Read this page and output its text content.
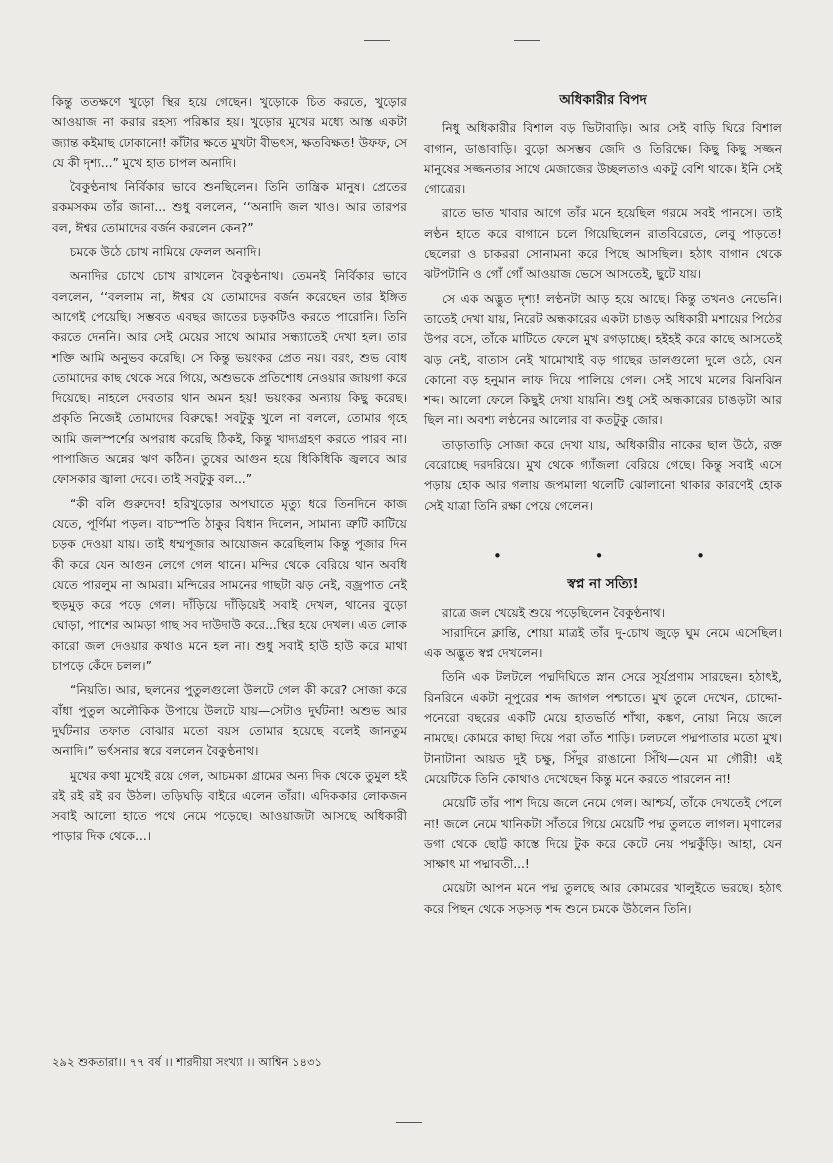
কিন্তু ততক্ষণে খুড়ো স্থির হয়ে গেছেন। খুড়োকে চিত করতে, খুড়োর আওয়াজ না করার রহস্য পরিষ্কার হয়। খুড়োর মুখের মধ্যে আস্ত একটা জ্যান্ত কইমাছ ঢোকানো! কাঁটার ক্ষতে মুখটা বীভৎস, ক্ষতবিক্ষত! উফফ, সে যে কী দৃশ্য...” মুখে হাত চাপল অনাদি।

বৈকুণ্ঠনাথ নির্বিকার ভাবে শুনছিলেন। তিনি তান্ত্রিক মানুষ। প্রেতের রকমসকম তাঁর জানা... শুধু বললেন, ‘‘অনাদি জল খাও। আর তারপর বল, ঈশ্বর তোমাদের বর্জন করলেন কেন?”

চমকে উঠে চোখ নামিয়ে ফেলল অনাদি।

অনাদির চোখে চোখ রাখলেন বৈকুণ্ঠনাথ। তেমনই নির্বিকার ভাবে বললেন, ‘‘বললাম না, ঈশ্বর যে তোমাদের বর্জন করেছেন তার ইঙ্গিত আগেই পেয়েছি। সম্ভবত এবছর জাতের চড়কটিও করতে পারোনি। তিনি করতে দেননি। আর সেই মেয়ের সাথে আমার সন্ধ্যাতেই দেখা হল। তার শক্তি আমি অনুভব করেছি। সে কিন্তু ভয়ংকর প্রেত নয়। বরং, শুভ বোধ তোমাদের কাছ থেকে সরে গিয়ে, অশুভকে প্রতিশোধ নেওয়ার জায়গা করে দিয়েছে। নাহলে দেবতার থান অমন হয়! ভয়ংকর অন্যায় কিছু করেছ। প্রকৃতি নিজেই তোমাদের বিরুদ্ধে! সবটুকু খুলে না বললে, তোমার গৃহে আমি জলস্পর্শের অপরাধ করেছি ঠিকই, কিন্তু খাদ্যগ্রহণ করতে পারব না। পাপাজিত অন্নের ঋণ কঠিন। তুষের আগুন হয়ে ধিকিধিকি জ্বলবে আর ফোসকার জ্বালা দেবে। তাই সবটুকু বল...”

“কী বলি গুরুদেব! হরিখুড়োর অপঘাতে মৃত্যু ধরে তিনদিনে কাজ যেতে, পূর্ণিমা পড়ল। বাচস্পতি ঠাকুর বিধান দিলেন, সামান্য ত্রুটি কাটিয়ে চড়ক দেওয়া যায়। তাই ধম্মপূজার আয়োজন করেছিলাম কিন্তু পূজার দিন কী করে যেন আগুন লেগে গেল থানে। মন্দির থেকে বেরিয়ে থান অবধি যেতে পারলুম না আমরা। মন্দিরের সামনের গাছটা ঝড় নেই, বজ্রপাত নেই হুড়মুড় করে পড়ে গেল। দাঁড়িয়ে দাঁড়িয়েই সবাই দেখল, থানের বুড়ো ঘোড়া, পাশের আমড়া গাছ সব দাউদাউ করে...স্থির হয়ে দেখল। এত লোক কারো জল দেওয়ার কথাও মনে হল না। শুধু সবাই হাউ হাউ করে মাথা চাপড়ে কেঁদে চলল।”

“নিয়তি। আর, ছলনের পুতুলগুলো উলটে গেল কী করে? সোজা করে বাঁধা পুতুল অলৌকিক উপায়ে উলটে যায়—সেটাও দুর্ঘটনা! অশুভ আর দুর্ঘটনার তফাত বোঝার মতো বয়স তোমার হয়েছে বলেই জানতুম অনাদি।” ভর্ৎসনার স্বরে বললেন বৈকুণ্ঠনাথ।

মুখের কথা মুখেই রয়ে গেল, আচমকা গ্রামের অন্য দিক থেকে তুমুল হই রই রই রই রব উঠল। তড়িঘড়ি বাইরে এলেন তাঁরা। এদিককার লোকজন সবাই আলো হাতে পথে নেমে পড়েছে। আওয়াজটা আসছে অধিকারী পাড়ার দিক থেকে...।

অধিকারীর বিপদ

নিধু অধিকারীর বিশাল বড় ভিটাবাড়ি। আর সেই বাড়ি ঘিরে বিশাল বাগান, ডাঙাবাড়ি। বুড়ো অসম্ভব জেদি ও তিরিক্ষে। কিছু কিছু সজ্জন মানুষের সজ্জনতার সাথে মেজাজের উচ্ছলতাও একটু বেশি থাকে। ইনি সেই গোত্রের।

রাতে ভাত খাবার আগে তাঁর মনে হয়েছিল গরমে সবই পানসে। তাই লণ্ঠন হাতে করে বাগানে চলে গিয়েছিলেন রাতবিরেতে, লেবু পাড়তে! ছেলেরা ও চাকররা সোনামনা করে পিছে আসছিল। হঠাৎ বাগান থেকে ঝটপটানি ও গোঁ গোঁ আওয়াজ ভেসে আসতেই, ছুটে যায়।

সে এক অদ্ভুত দৃশ্য! লণ্ঠনটা আড় হয়ে আছে। কিন্তু তখনও নেভেনি। তাতেই দেখা যায়, নিরেট অন্ধকারের একটা চাঙড় অধিকারী মশায়ের পিঠের উপর বসে, তাঁকে মাটিতে ফেলে মুখ রগড়াচ্ছে। হইহই করে কাছে আসতেই ঝড় নেই, বাতাস নেই খামোখাই বড় গাছের ডালগুলো দুলে ওঠে, যেন কোনো বড় হনুমান লাফ দিয়ে পালিয়ে গেল। সেই সাথে মলের ঝিনঝিন শব্দ। আলো ফেলে কিছুই দেখা যায়নি। শুধু সেই অন্ধকারের চাঙড়টা আর ছিল না। অবশ্য লণ্ঠনের আলোর বা কতটুকু জোর।

তাড়াতাড়ি সোজা করে দেখা যায়, অধিকারীর নাকের ছাল উঠে, রক্ত বেরোচ্ছে দরদরিয়ে। মুখ থেকে গ্যাঁজলা বেরিয়ে গেছে। কিন্তু সবাই এসে পড়ায় হোক আর গলায় জপমালা থলেটি ঝোলানো থাকার কারণেই হোক সেই যাত্রা তিনি রক্ষা পেয়ে গেলেন।

• • •
স্বপ্ন না সত্যি!

রাত্রে জল খেয়েই শুয়ে পড়েছিলেন বৈকুণ্ঠনাথ।

সারাদিনে ক্লান্তি, শোয়া মাত্রই তাঁর দু-চোখ জুড়ে ঘুম নেমে এসেছিল। এক অদ্ভুত স্বপ্ন দেখলেন।

তিনি এক টলটলে পদ্মদিঘিতে স্নান সেরে সূর্যপ্রণাম সারছেন। হঠাৎই, রিনরিনে একটা নূপুরের শব্দ জাগল পশ্চাতে। মুখ তুলে দেখেন, চোদ্দো-পনেরো বছরের একটি মেয়ে হাতভর্তি শাঁখা, কঙ্কণ, নোয়া নিয়ে জলে নামছে। কোমরে কাছা দিয়ে পরা তাঁত শাড়ি। ঢলঢলে পদ্মপাতার মতো মুখ। টানাটানা আয়ত দুই চক্ষু, সিঁদুর রাঙানো সিঁথি—যেন মা গৌরী! এই মেয়েটিকে তিনি কোথাও দেখেছেন কিন্তু মনে করতে পারলেন না!

মেয়েটি তাঁর পাশ দিয়ে জলে নেমে গেল। আশ্চর্য, তাঁকে দেখতেই পেলে না! জলে নেমে খানিকটা সাঁতরে গিয়ে মেয়েটি পদ্ম তুলতে লাগল। মৃণালের ডগা থেকে ছোট্ট কাস্তে দিয়ে টুক করে কেটে নেয় পদ্মকুঁড়ি। আহা, যেন সাক্ষাৎ মা পদ্মাবতী...!

মেয়েটা আপন মনে পদ্ম তুলছে আর কোমরের খালুইতে ভরছে। হঠাৎ করে পিছন থেকে সড়সড় শব্দ শুনে চমকে উঠলেন তিনি।

২৯২ শুকতারা।। ৭৭ বর্ষ ।। শারদীয়া সংখ্যা ।। আশ্বিন ১৪৩১
